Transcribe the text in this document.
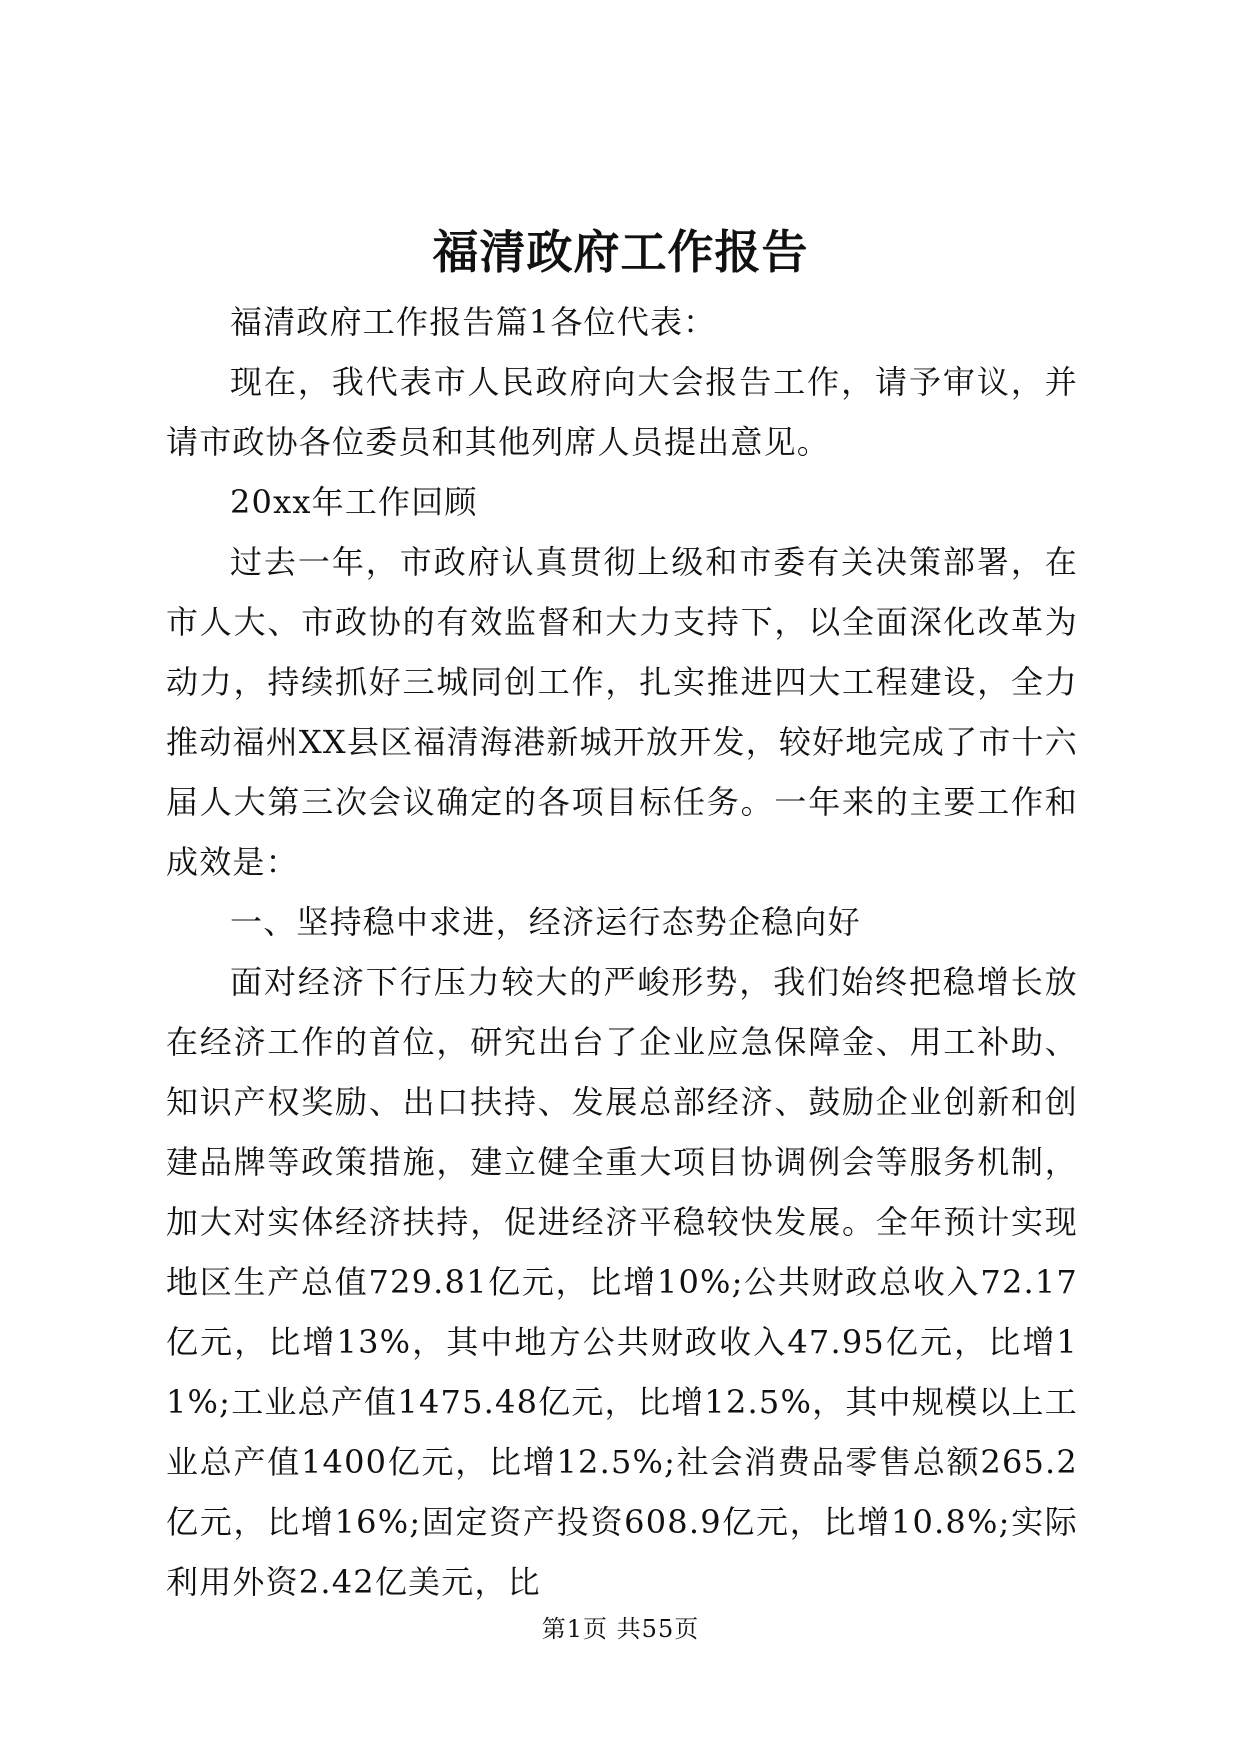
福清政府工作报告

福清政府工作报告篇1各位代表：

现在，我代表市人民政府向大会报告工作，请予审议，并请市政协各位委员和其他列席人员提出意见。

20xx年工作回顾

过去一年，市政府认真贯彻上级和市委有关决策部署，在市人大、市政协的有效监督和大力支持下，以全面深化改革为动力，持续抓好三城同创工作，扎实推进四大工程建设，全力推动福州XX县区福清海港新城开放开发，较好地完成了市十六届人大第三次会议确定的各项目标任务。一年来的主要工作和成效是：

一、坚持稳中求进，经济运行态势企稳向好

面对经济下行压力较大的严峻形势，我们始终把稳增长放在经济工作的首位，研究出台了企业应急保障金、用工补助、知识产权奖励、出口扶持、发展总部经济、鼓励企业创新和创建品牌等政策措施，建立健全重大项目协调例会等服务机制，加大对实体经济扶持，促进经济平稳较快发展。全年预计实现地区生产总值729.81亿元，比增10%;公共财政总收入72.17亿元，比增13%，其中地方公共财政收入47.95亿元，比增11%;工业总产值1475.48亿元，比增12.5%，其中规模以上工业总产值1400亿元，比增12.5%;社会消费品零售总额265.2亿元，比增16%;固定资产投资608.9亿元，比增10.8%;实际利用外资2.42亿美元，比

第1页 共55页
